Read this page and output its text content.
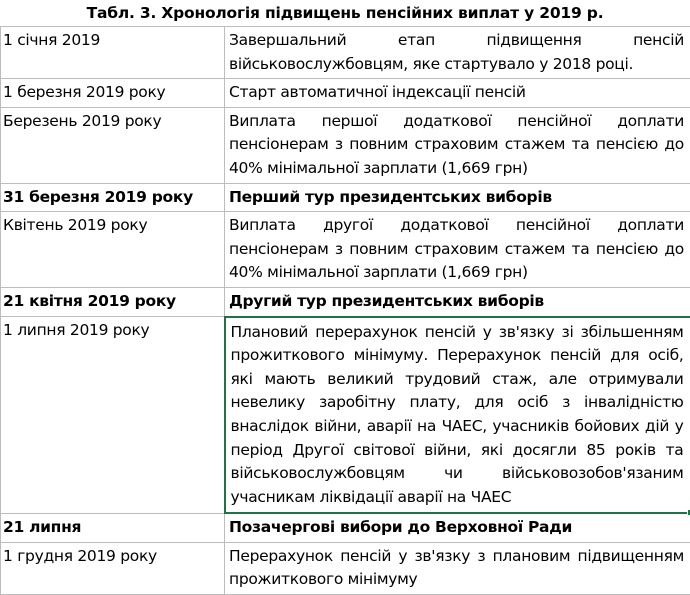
Табл. 3. Хронологія підвищень пенсійних виплат у 2019 р.
1 січня 2019	Завершальний етап підвищення пенсій військовослужбовцям, яке стартувало у 2018 році.
1 березня 2019 року	Старт автоматичної індексації пенсій
Березень 2019 року	Виплата першої додаткової пенсійної доплати пенсіонерам з повним страховим стажем та пенсією до 40% мінімальної зарплати (1,669 грн)
31 березня 2019 року	Перший тур президентських виборів
Квітень 2019 року	Виплата другої додаткової пенсійної доплати пенсіонерам з повним страховим стажем та пенсією до 40% мінімальної зарплати (1,669 грн)
21 квітня 2019 року	Другий тур президентських виборів
1 липня 2019 року	Плановий перерахунок пенсій у зв'язку зі збільшенням прожиткового мінімуму. Перерахунок пенсій для осіб, які мають великий трудовий стаж, але отримували невелику заробітну плату, для осіб з інвалідністю внаслідок війни, аварії на ЧАЕС, учасників бойових дій у період Другої світової війни, які досягли 85 років та військовослужбовцям чи військовозобов'язаним учасникам ліквідації аварії на ЧАЕС

21 липня	Позачергові вибори до Верховної Ради
1 грудня 2019 року	Перерахунок пенсій у зв'язку з плановим підвищенням прожиткового мінімуму
